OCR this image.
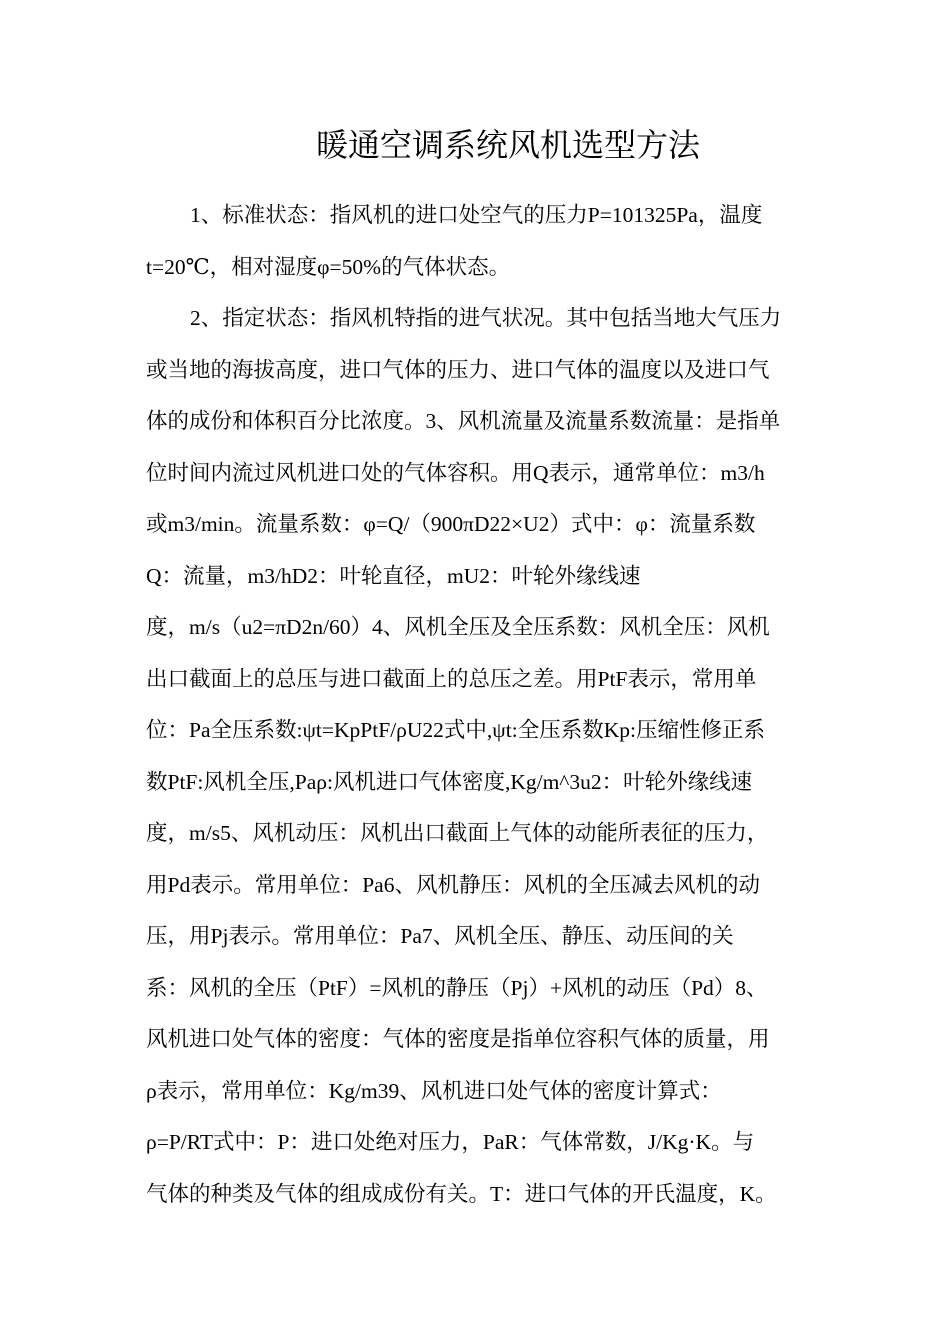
暖通空调系统风机选型方法
1、标准状态：指风机的进口处空气的压力P=101325Pa，温度
t=20℃，相对湿度φ=50%的气体状态。
2、指定状态：指风机特指的进气状况。其中包括当地大气压力
或当地的海拔高度，进口气体的压力、进口气体的温度以及进口气
体的成份和体积百分比浓度。3、风机流量及流量系数流量：是指单
位时间内流过风机进口处的气体容积。用Q表示，通常单位：m3/h
或m3/min。流量系数：φ=Q/（900πD22×U2）式中：φ：流量系数
Q：流量，m3/hD2：叶轮直径，mU2：叶轮外缘线速
度，m/s（u2=πD2n/60）4、风机全压及全压系数：风机全压：风机
出口截面上的总压与进口截面上的总压之差。用PtF表示，常用单
位：Pa全压系数:ψt=KpPtF/ρU22式中,ψt:全压系数Kp:压缩性修正系
数PtF:风机全压,Paρ:风机进口气体密度,Kg/m^3u2：叶轮外缘线速
度，m/s5、风机动压：风机出口截面上气体的动能所表征的压力，
用Pd表示。常用单位：Pa6、风机静压：风机的全压减去风机的动
压，用Pj表示。常用单位：Pa7、风机全压、静压、动压间的关
系：风机的全压（PtF）=风机的静压（Pj）+风机的动压（Pd）8、
风机进口处气体的密度：气体的密度是指单位容积气体的质量，用
ρ表示，常用单位：Kg/m39、风机进口处气体的密度计算式：
ρ=P/RT式中：P：进口处绝对压力，PaR：气体常数，J/Kg·K。与
气体的种类及气体的组成成份有关。T：进口气体的开氏温度，K。
